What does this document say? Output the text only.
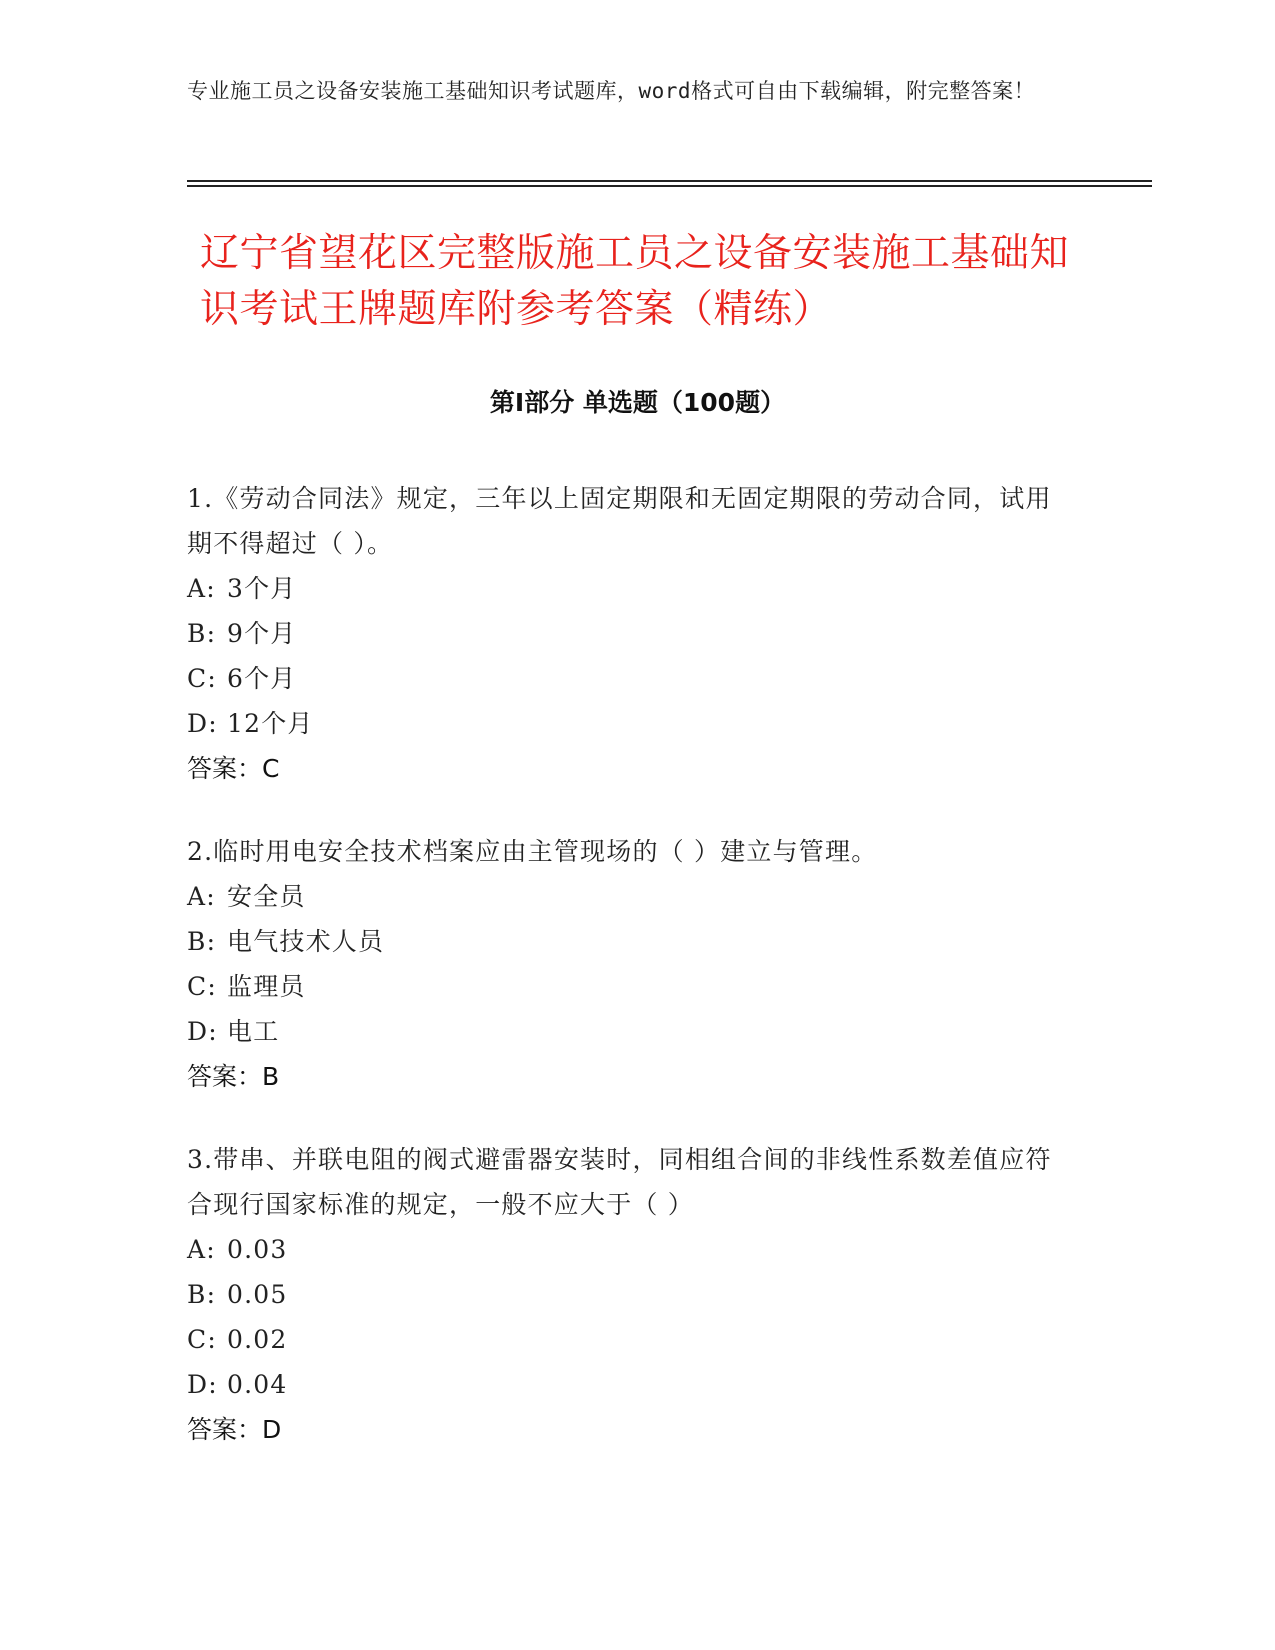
专业施工员之设备安装施工基础知识考试题库，word格式可自由下载编辑，附完整答案！
辽宁省望花区完整版施工员之设备安装施工基础知识考试王牌题库附参考答案（精练）
第Ⅰ部分 单选题（100题）

1.《劳动合同法》规定，三年以上固定期限和无固定期限的劳动合同，试用期不得超过（ ）。

A: 3个月

B: 9个月

C: 6个月

D: 12个月

答案：C

2.临时用电安全技术档案应由主管现场的（ ）建立与管理。

A: 安全员

B: 电气技术人员

C: 监理员

D: 电工

答案：B

3.带串、并联电阻的阀式避雷器安装时，同相组合间的非线性系数差值应符合现行国家标准的规定，一般不应大于（ ）

A: 0.03

B: 0.05

C: 0.02

D: 0.04

答案：D
